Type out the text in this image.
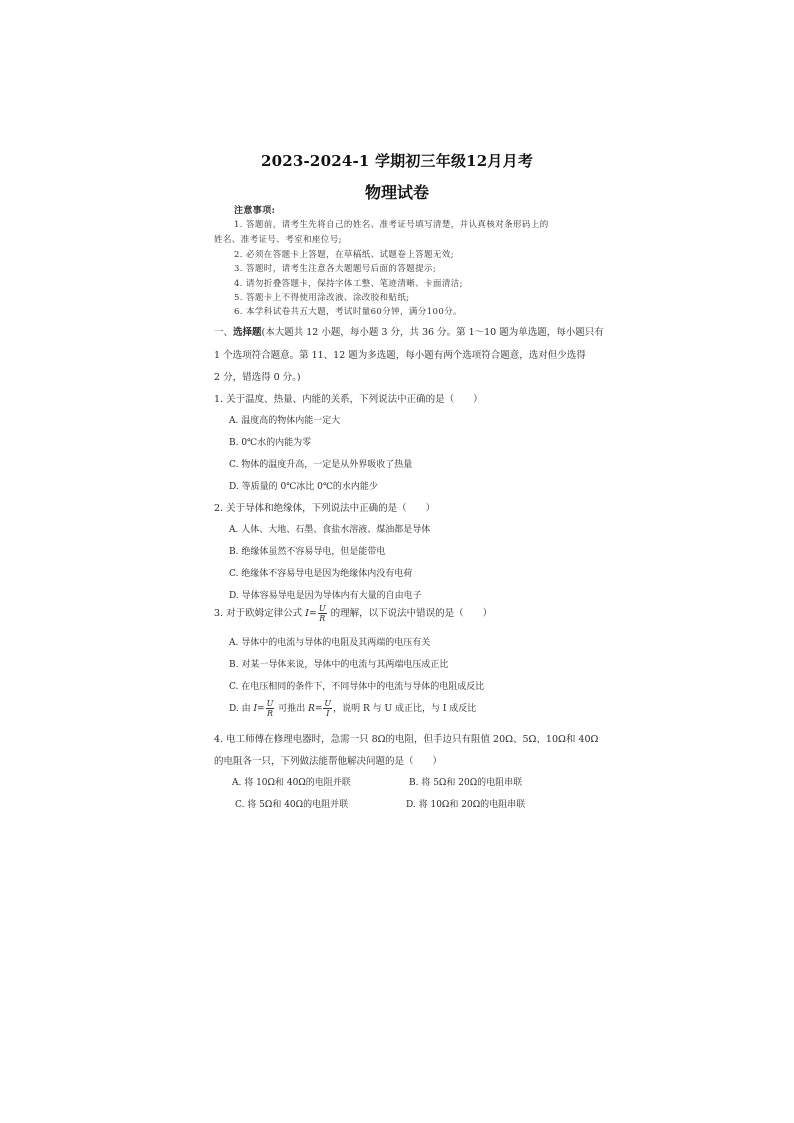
2023-2024-1 学期初三年级12月月考
物理试卷
注意事项:
1. 答题前，请考生先将自己的姓名、准考证号填写清楚，并认真核对条形码上的
姓名、准考证号、考室和座位号;
2. 必须在答题卡上答题，在草稿纸、试题卷上答题无效;
3. 答题时，请考生注意各大题题号后面的答题提示;
4. 请勿折叠答题卡，保持字体工整、笔迹清晰、卡面清洁;
5. 答题卡上不得使用涂改液、涂改胶和贴纸;
6. 本学科试卷共五大题，考试时量60分钟，满分100分。
一、选择题(本大题共 12 小题，每小题 3 分，共 36 分。第 1～10 题为单选题，每小题只有
1 个选项符合题意。第 11、12 题为多选题，每小题有两个选项符合题意，选对但少选得
2 分，错选得 0 分。)
1. 关于温度、热量、内能的关系，下列说法中正确的是（　　）
A. 温度高的物体内能一定大
B. 0℃水的内能为零
C. 物体的温度升高，一定是从外界吸收了热量
D. 等质量的 0℃冰比 0℃的水内能少
2. 关于导体和绝缘体，下列说法中正确的是（　　）
A. 人体、大地、石墨、食盐水溶液、煤油都是导体
B. 绝缘体虽然不容易导电，但是能带电
C. 绝缘体不容易导电是因为绝缘体内没有电荷
D. 导体容易导电是因为导体内有大量的自由电子
3. 对于欧姆定律公式 $I= \frac{U}{R}$ 的理解，以下说法中错误的是（　　）
A. 导体中的电流与导体的电阻及其两端的电压有关
B. 对某一导体来说，导体中的电流与其两端电压成正比
C. 在电压相同的条件下，不同导体中的电流与导体的电阻成反比
D. 由 $I= \frac{U}{R}$ 可推出 $R= \frac{U}{I}$ ，说明 R 与 U 成正比，与 I 成反比
4. 电工师傅在修理电器时，急需一只 8Ω的电阻，但手边只有阻值 20Ω、5Ω、10Ω和 40Ω
的电阻各一只，下列做法能帮他解决问题的是（　　）
A. 将 10Ω和 40Ω的电阻并联	B. 将 5Ω和 20Ω的电阻串联
C. 将 5Ω和 40Ω的电阻并联	D. 将 10Ω和 20Ω的电阻串联
